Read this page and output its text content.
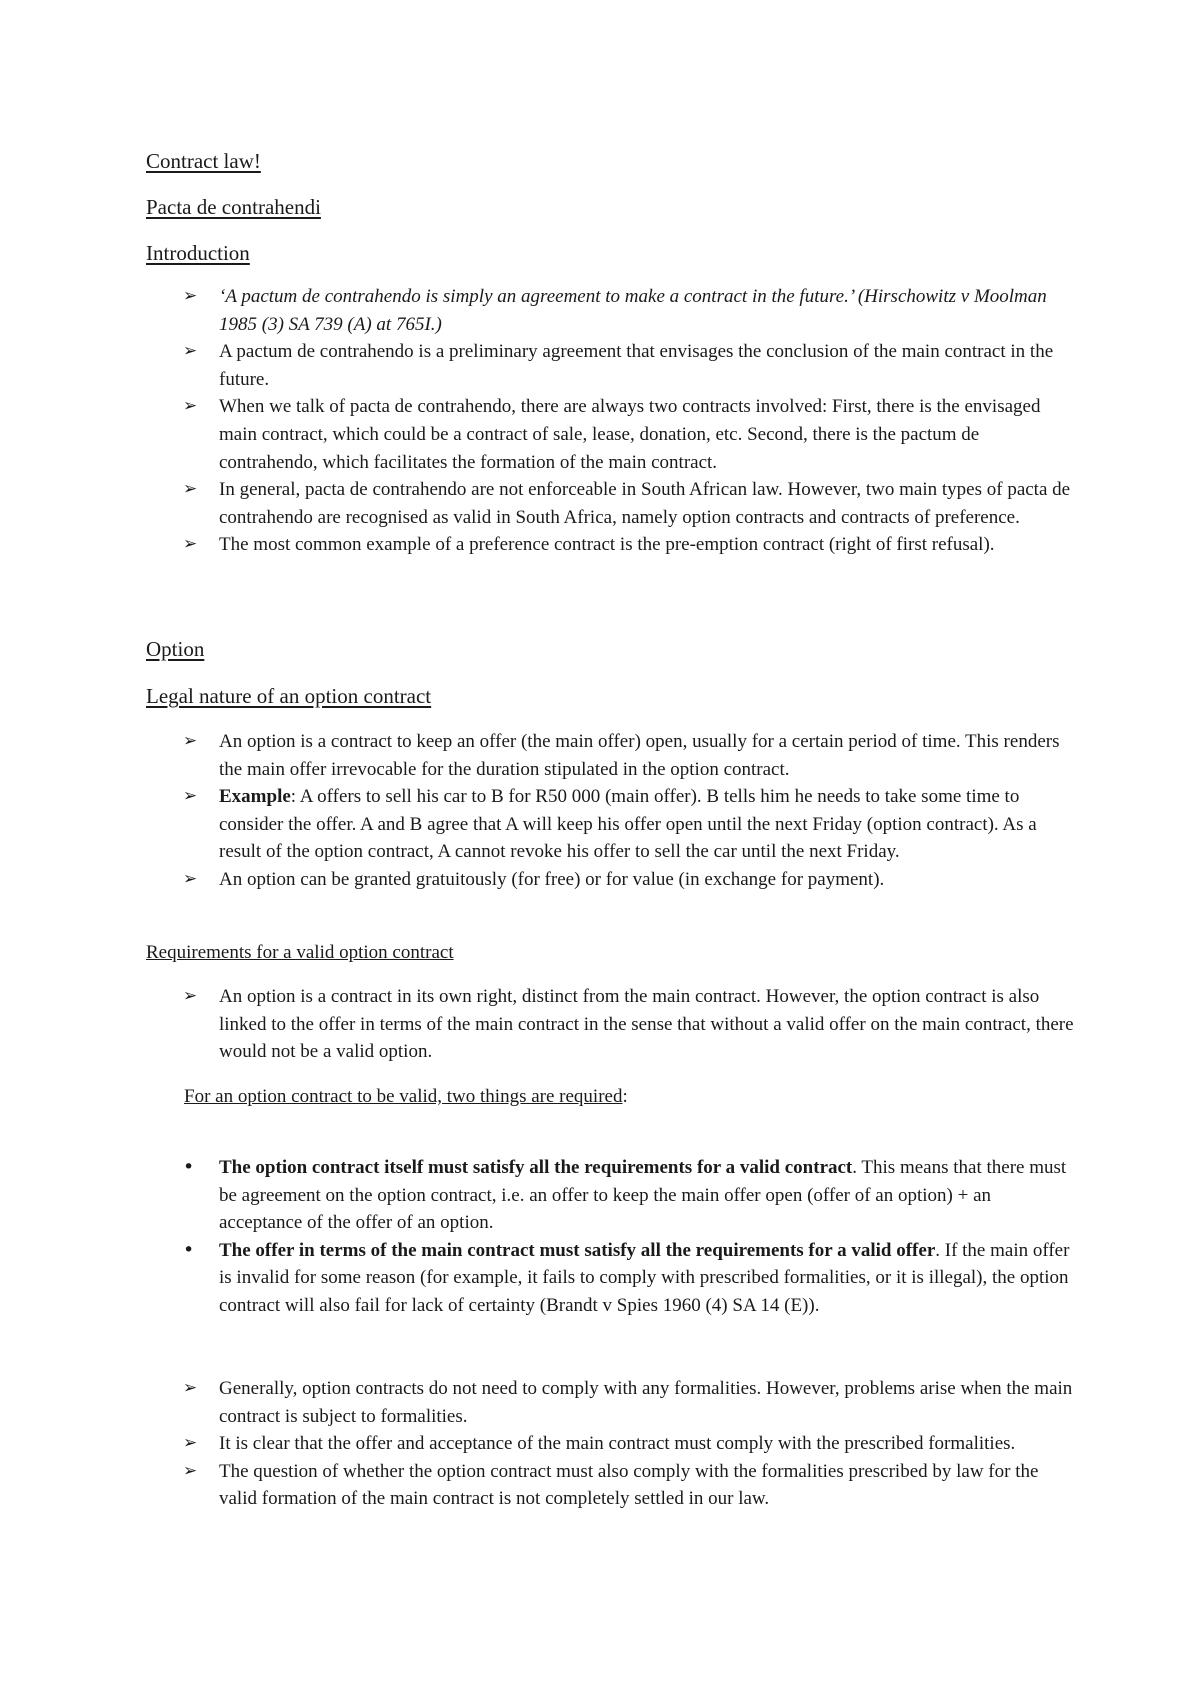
Contract law!
Pacta de contrahendi
Introduction
➢ ‘A pactum de contrahendo is simply an agreement to make a contract in the future.’ (Hirschowitz v Moolman 1985 (3) SA 739 (A) at 765I.)
➢ A pactum de contrahendo is a preliminary agreement that envisages the conclusion of the main contract in the future.
➢ When we talk of pacta de contrahendo, there are always two contracts involved: First, there is the envisaged main contract, which could be a contract of sale, lease, donation, etc. Second, there is the pactum de contrahendo, which facilitates the formation of the main contract.
➢ In general, pacta de contrahendo are not enforceable in South African law. However, two main types of pacta de contrahendo are recognised as valid in South Africa, namely option contracts and contracts of preference.
➢ The most common example of a preference contract is the pre-emption contract (right of first refusal).
Option
Legal nature of an option contract
➢ An option is a contract to keep an offer (the main offer) open, usually for a certain period of time. This renders the main offer irrevocable for the duration stipulated in the option contract.
➢ Example: A offers to sell his car to B for R50 000 (main offer). B tells him he needs to take some time to consider the offer. A and B agree that A will keep his offer open until the next Friday (option contract). As a result of the option contract, A cannot revoke his offer to sell the car until the next Friday.
➢ An option can be granted gratuitously (for free) or for value (in exchange for payment).
Requirements for a valid option contract
➢ An option is a contract in its own right, distinct from the main contract. However, the option contract is also linked to the offer in terms of the main contract in the sense that without a valid offer on the main contract, there would not be a valid option.
For an option contract to be valid, two things are required:
• The option contract itself must satisfy all the requirements for a valid contract. This means that there must be agreement on the option contract, i.e. an offer to keep the main offer open (offer of an option) + an acceptance of the offer of an option.
• The offer in terms of the main contract must satisfy all the requirements for a valid offer. If the main offer is invalid for some reason (for example, it fails to comply with prescribed formalities, or it is illegal), the option contract will also fail for lack of certainty (Brandt v Spies 1960 (4) SA 14 (E)).
➢ Generally, option contracts do not need to comply with any formalities. However, problems arise when the main contract is subject to formalities.
➢ It is clear that the offer and acceptance of the main contract must comply with the prescribed formalities.
➢ The question of whether the option contract must also comply with the formalities prescribed by law for the valid formation of the main contract is not completely settled in our law.
